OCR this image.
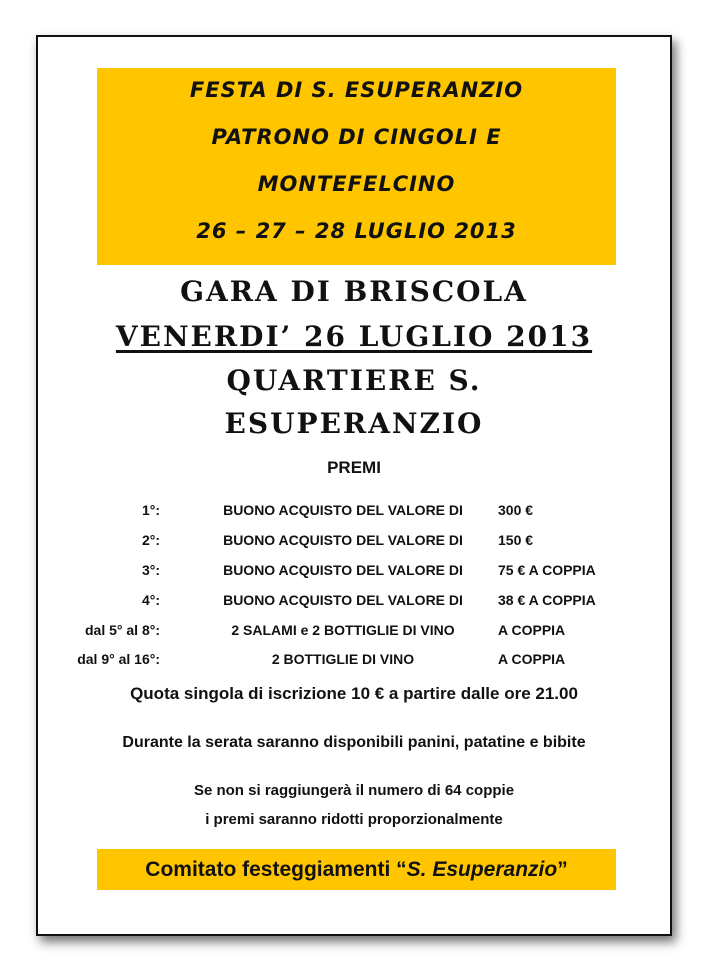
FESTA DI S. ESUPERANZIO
PATRONO DI CINGOLI E
MONTEFELCINO
26 – 27 – 28 LUGLIO 2013
GARA DI BRISCOLA
VENERDI’ 26 LUGLIO 2013
QUARTIERE S.
ESUPERANZIO
PREMI
1°:	BUONO ACQUISTO DEL VALORE DI	300 €
2°:	BUONO ACQUISTO DEL VALORE DI	150 €
3°:	BUONO ACQUISTO DEL VALORE DI	75 € A COPPIA
4°:	BUONO ACQUISTO DEL VALORE DI	38 € A COPPIA
dal 5° al 8°:	2 SALAMI e 2 BOTTIGLIE DI VINO	A COPPIA
dal 9° al 16°:	2 BOTTIGLIE DI VINO	A COPPIA
Quota singola di iscrizione 10 € a partire dalle ore 21.00
Durante la serata saranno disponibili panini, patatine e bibite
Se non si raggiungerà il numero di 64 coppie
i premi saranno ridotti proporzionalmente
Comitato festeggiamenti “S. Esuperanzio”
